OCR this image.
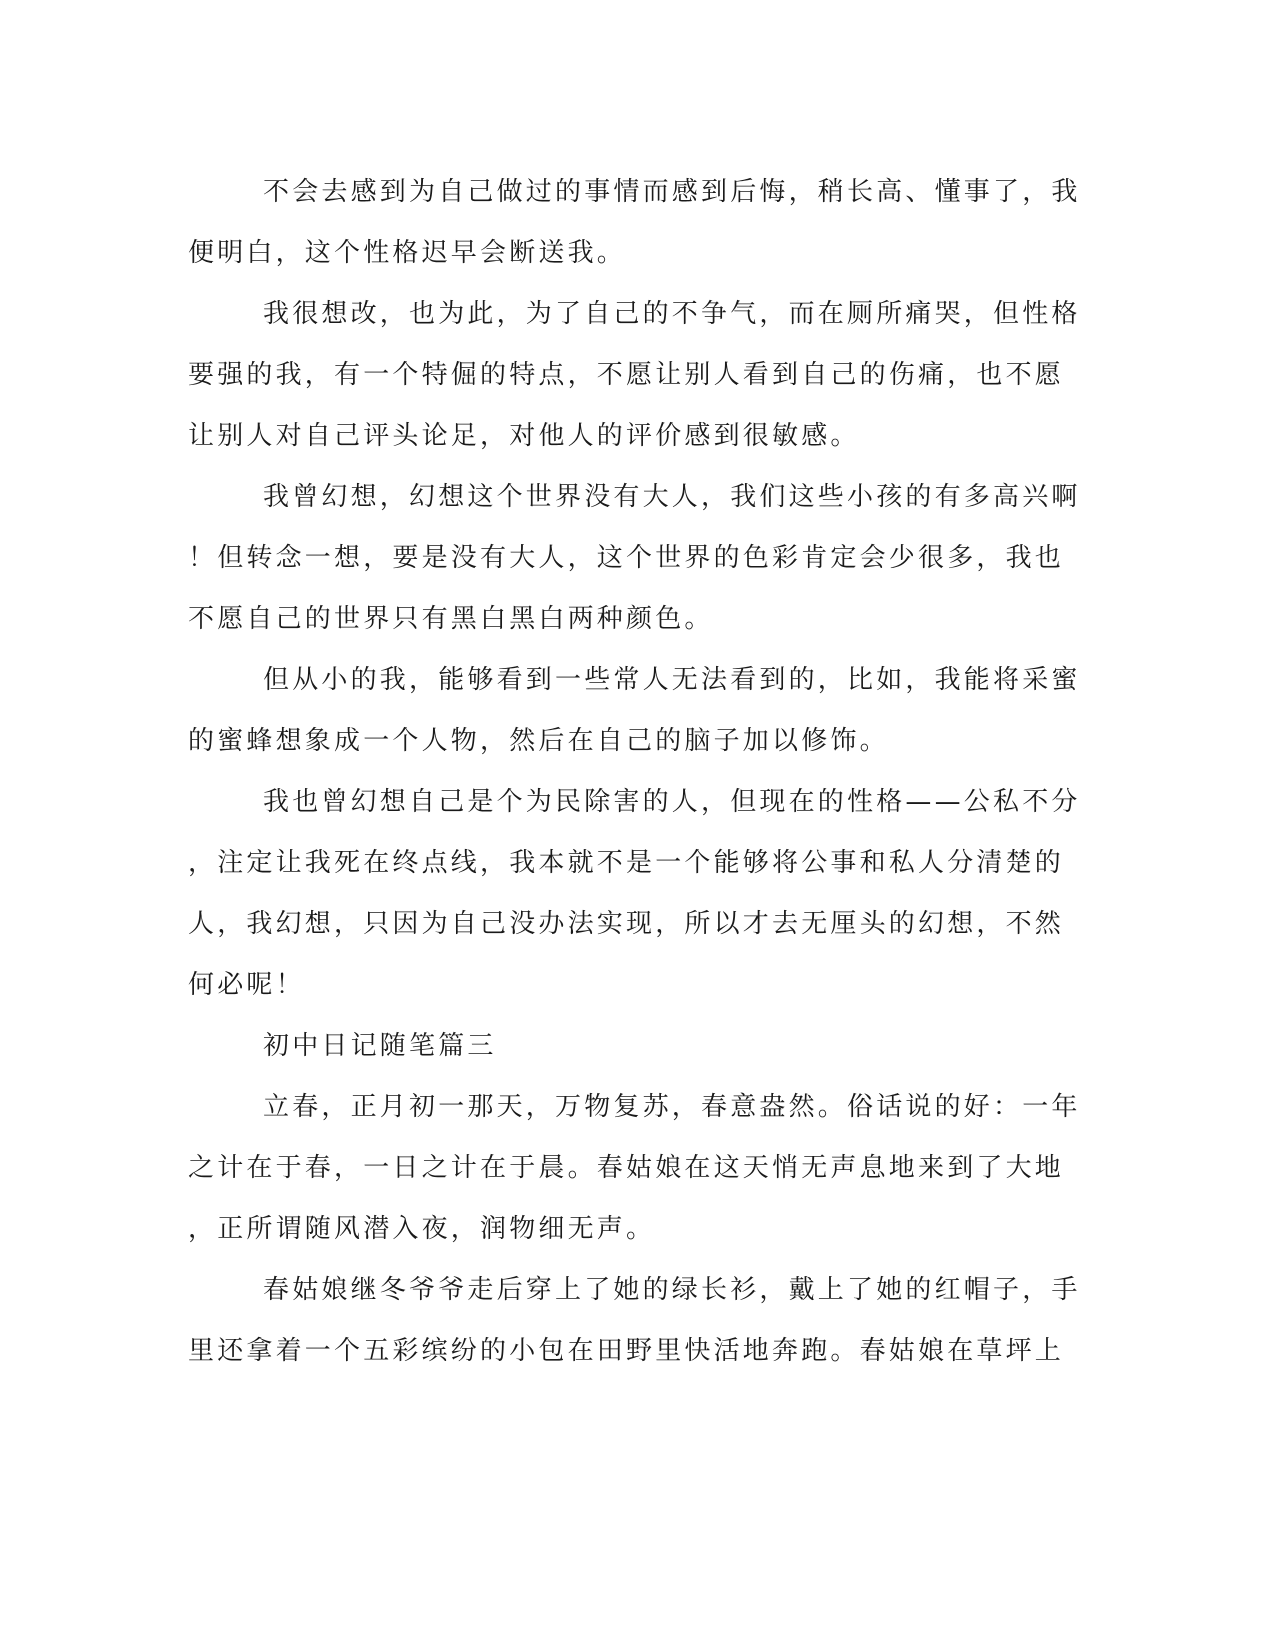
不会去感到为自己做过的事情而感到后悔，稍长高、懂事了，我

便明白，这个性格迟早会断送我。

我很想改，也为此，为了自己的不争气，而在厕所痛哭，但性格

要强的我，有一个特倔的特点，不愿让别人看到自己的伤痛，也不愿

让别人对自己评头论足，对他人的评价感到很敏感。

我曾幻想，幻想这个世界没有大人，我们这些小孩的有多高兴啊

！但转念一想，要是没有大人，这个世界的色彩肯定会少很多，我也

不愿自己的世界只有黑白黑白两种颜色。

但从小的我，能够看到一些常人无法看到的，比如，我能将采蜜

的蜜蜂想象成一个人物，然后在自己的脑子加以修饰。

我也曾幻想自己是个为民除害的人，但现在的性格——公私不分

，注定让我死在终点线，我本就不是一个能够将公事和私人分清楚的

人，我幻想，只因为自己没办法实现，所以才去无厘头的幻想，不然

何必呢！

初中日记随笔篇三

立春，正月初一那天，万物复苏，春意盎然。俗话说的好：一年

之计在于春，一日之计在于晨。春姑娘在这天悄无声息地来到了大地

，正所谓随风潜入夜，润物细无声。

春姑娘继冬爷爷走后穿上了她的绿长衫，戴上了她的红帽子，手

里还拿着一个五彩缤纷的小包在田野里快活地奔跑。春姑娘在草坪上
